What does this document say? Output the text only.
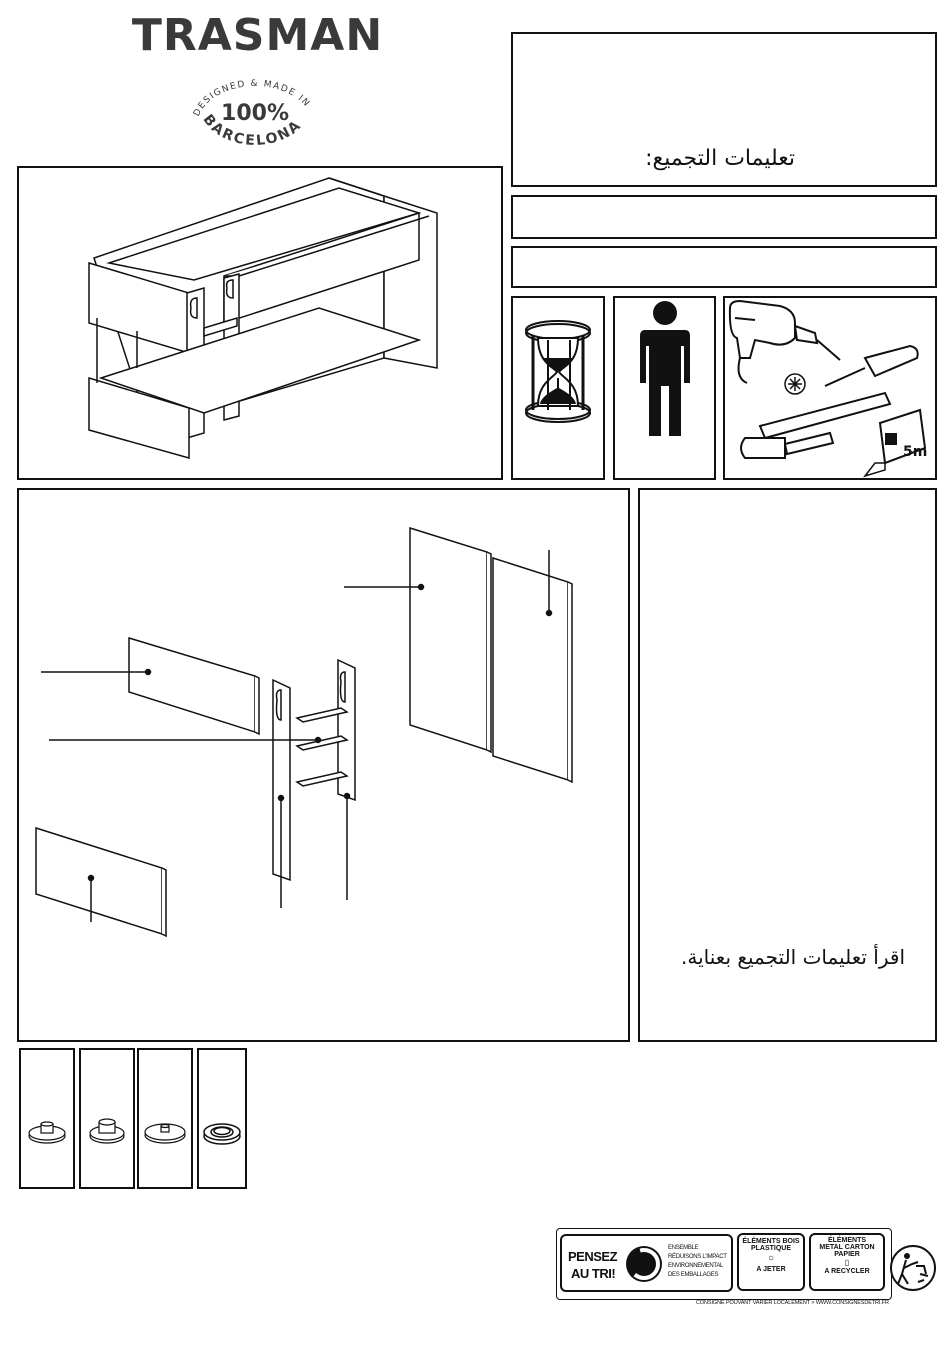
TRASMAN
DESIGNED & MADE IN
100%
BARCELONA
تعليمات التجميع:
5m
اقرأ تعليمات التجميع بعناية.
PENSEZ
AU TRI!
ENSEMBLE
RÉDUISONS L'IMPACT
ENVIRONNEMENTAL
DES EMBALLAGES
ÉLÉMENTS BOIS
PLASTIQUE
○
A JETER
ÉLÉMENTS
METAL CARTON
PAPIER
▯
A RECYCLER
CONSIGNE POUVANT VARIER LOCALEMENT > WWW.CONSIGNESDETRI.FR
